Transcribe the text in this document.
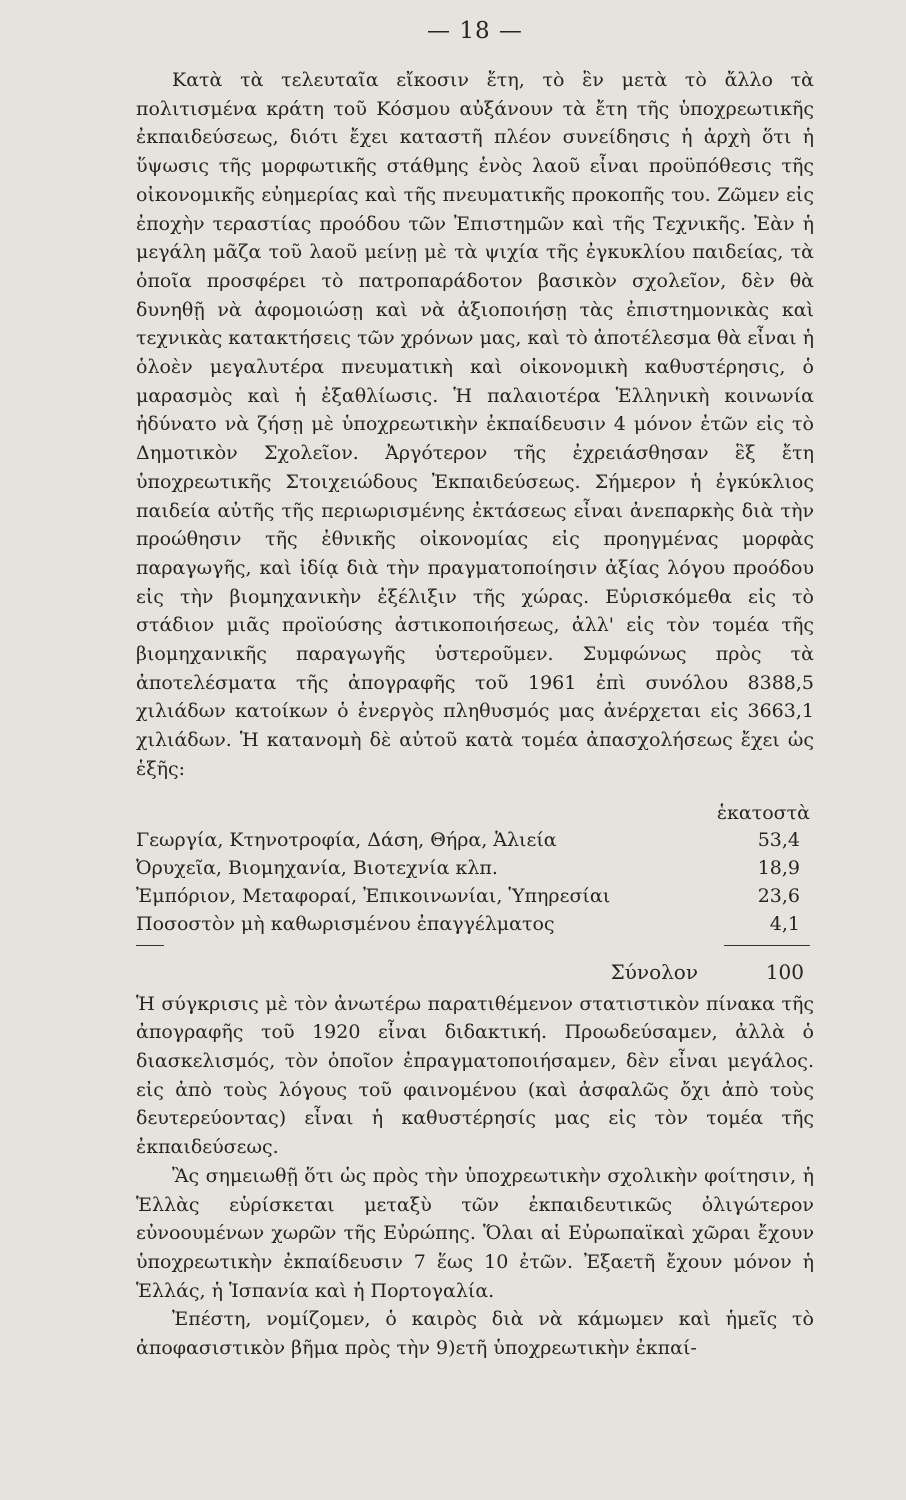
— 18 —

Κατὰ τὰ τελευταῖα εἴκοσιν ἔτη, τὸ ἓν μετὰ τὸ ἄλλο τὰ πολιτισμένα κράτη τοῦ Κόσμου αὐξάνουν τὰ ἔτη τῆς ὑποχρεωτικῆς ἐκπαιδεύσεως, διότι ἔχει καταστῆ πλέον συνείδησις ἡ ἀρχὴ ὅτι ἡ ὕψωσις τῆς μορφωτικῆς στάθμης ἑνὸς λαοῦ εἶναι προϋπόθεσις τῆς οἰκονομικῆς εὐημερίας καὶ τῆς πνευματικῆς προκοπῆς του. Ζῶμεν εἰς ἐποχὴν τεραστίας προόδου τῶν Ἐπιστημῶν καὶ τῆς Τεχνικῆς. Ἐὰν ἡ μεγάλη μᾶζα τοῦ λαοῦ μείνῃ μὲ τὰ ψιχία τῆς ἐγκυκλίου παιδείας, τὰ ὁποῖα προσφέρει τὸ πατροπαράδοτον βασικὸν σχολεῖον, δὲν θὰ δυνηθῇ νὰ ἀφομοιώσῃ καὶ νὰ ἀξιοποιήσῃ τὰς ἐπιστημονικὰς καὶ τεχνικὰς κατακτήσεις τῶν χρόνων μας, καὶ τὸ ἀποτέλεσμα θὰ εἶναι ἡ ὁλοὲν μεγαλυτέρα πνευματικὴ καὶ οἰκονομικὴ καθυστέρησις, ὁ μαρασμὸς καὶ ἡ ἐξαθλίωσις. Ἡ παλαιοτέρα Ἑλληνικὴ κοινωνία ἠδύνατο νὰ ζήσῃ μὲ ὑποχρεωτικὴν ἐκπαίδευσιν 4 μόνον ἐτῶν εἰς τὸ Δημοτικὸν Σχολεῖον. Ἀργότερον τῆς ἐχρειάσθησαν ἓξ ἔτη ὑποχρεωτικῆς Στοιχειώδους Ἐκπαιδεύσεως. Σήμερον ἡ ἐγκύκλιος παιδεία αὐτῆς τῆς περιωρισμένης ἐκτάσεως εἶναι ἀνεπαρκὴς διὰ τὴν προώθησιν τῆς ἐθνικῆς οἰκονομίας εἰς προηγμένας μορφὰς παραγωγῆς, καὶ ἰδίᾳ διὰ τὴν πραγματοποίησιν ἀξίας λόγου προόδου εἰς τὴν βιομηχανικὴν ἐξέλιξιν τῆς χώρας. Εὑρισκόμεθα εἰς τὸ στάδιον μιᾶς προϊούσης ἀστικοποιήσεως, ἀλλ' εἰς τὸν τομέα τῆς βιομηχανικῆς παραγωγῆς ὑστεροῦμεν. Συμφώνως πρὸς τὰ ἀποτελέσματα τῆς ἀπογραφῆς τοῦ 1961 ἐπὶ συνόλου 8388,5 χιλιάδων κατοίκων ὁ ἐνεργὸς πληθυσμός μας ἀνέρχεται εἰς 3663,1 χιλιάδων. Ἡ κατανομὴ δὲ αὐτοῦ κατὰ τομέα ἀπασχολήσεως ἔχει ὡς ἑξῆς:

ἑκατοστὰ
Γεωργία, Κτηνοτροφία, Δάση, Θήρα, Ἁλιεία	53,4
Ὀρυχεῖα, Βιομηχανία, Βιοτεχνία κλπ.	18,9
Ἐμπόριον, Μεταφοραί, Ἐπικοινωνίαι, Ὑπηρεσίαι	23,6
Ποσοστὸν μὴ καθωρισμένου ἐπαγγέλματος	4,1
Σύνολον	100

Ἡ σύγκρισις μὲ τὸν ἀνωτέρω παρατιθέμενον στατιστικὸν πίνακα τῆς ἀπογραφῆς τοῦ 1920 εἶναι διδακτική. Προωδεύσαμεν, ἀλλὰ ὁ διασκελισμός, τὸν ὁποῖον ἐπραγματοποιήσαμεν, δὲν εἶναι μεγάλος. εἰς ἀπὸ τοὺς λόγους τοῦ φαινομένου (καὶ ἀσφαλῶς ὄχι ἀπὸ τοὺς δευτερεύοντας) εἶναι ἡ καθυστέρησίς μας εἰς τὸν τομέα τῆς ἐκπαιδεύσεως.

Ἂς σημειωθῇ ὅτι ὡς πρὸς τὴν ὑποχρεωτικὴν σχολικὴν φοίτησιν, ἡ Ἑλλὰς εὑρίσκεται μεταξὺ τῶν ἐκπαιδευτικῶς ὀλιγώτερον εὐνοουμένων χωρῶν τῆς Εὐρώπης. Ὅλαι αἱ Εὐρωπαϊκαὶ χῶραι ἔχουν ὑποχρεωτικὴν ἐκπαίδευσιν 7 ἕως 10 ἐτῶν. Ἐξαετῆ ἔχουν μόνον ἡ Ἑλλάς, ἡ Ἱσπανία καὶ ἡ Πορτογαλία.

Ἐπέστη, νομίζομεν, ὁ καιρὸς διὰ νὰ κάμωμεν καὶ ἡμεῖς τὸ ἀποφασιστικὸν βῆμα πρὸς τὴν 9)ετῆ ὑποχρεωτικὴν ἐκπαί-
